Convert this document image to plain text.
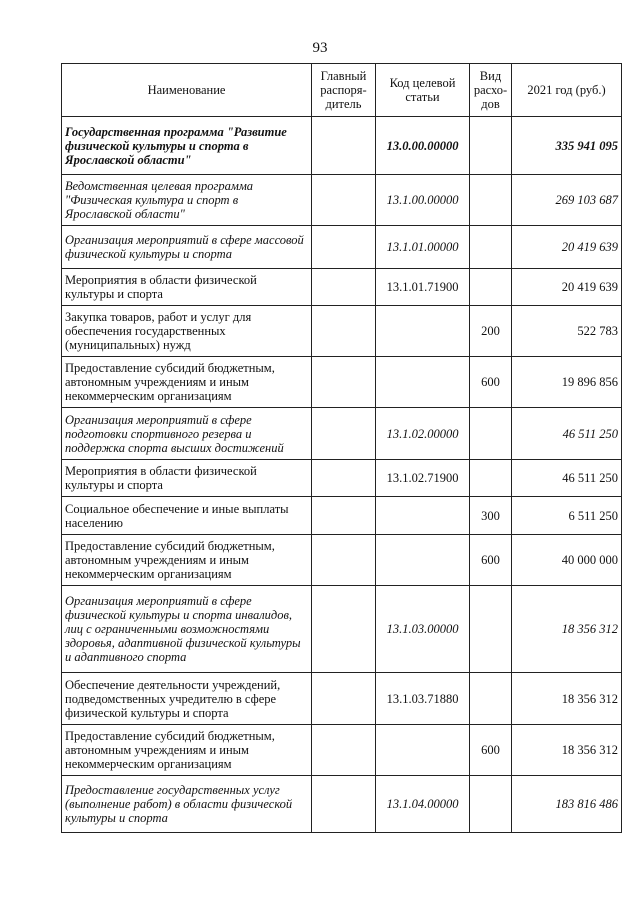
93
Наименование	Главный распоря-дитель	Код целевой статьи	Вид расхо-дов	2021 год (руб.)
Государственная программа "Развитие физической культуры и спорта в Ярославской области"		13.0.00.00000		335 941 095
Ведомственная целевая программа "Физическая культура и спорт в Ярославской области"		13.1.00.00000		269 103 687
Организация мероприятий в сфере массовой физической культуры и спорта		13.1.01.00000		20 419 639
Мероприятия в области физической культуры и спорта		13.1.01.71900		20 419 639
Закупка товаров, работ и услуг для обеспечения государственных (муниципальных) нужд			200	522 783
Предоставление субсидий бюджетным, автономным учреждениям и иным некоммерческим организациям			600	19 896 856
Организация мероприятий в сфере подготовки спортивного резерва и поддержка спорта высших достижений		13.1.02.00000		46 511 250
Мероприятия в области физической культуры и спорта		13.1.02.71900		46 511 250
Социальное обеспечение и иные выплаты населению			300	6 511 250
Предоставление субсидий бюджетным, автономным учреждениям и иным некоммерческим организациям			600	40 000 000
Организация мероприятий в сфере физической культуры и спорта инвалидов, лиц с ограниченными возможностями здоровья, адаптивной физической культуры и адаптивного спорта		13.1.03.00000		18 356 312
Обеспечение деятельности учреждений, подведомственных учредителю в сфере физической культуры и спорта		13.1.03.71880		18 356 312
Предоставление субсидий бюджетным, автономным учреждениям и иным некоммерческим организациям			600	18 356 312
Предоставление государственных услуг (выполнение работ) в области физической культуры и спорта		13.1.04.00000		183 816 486
